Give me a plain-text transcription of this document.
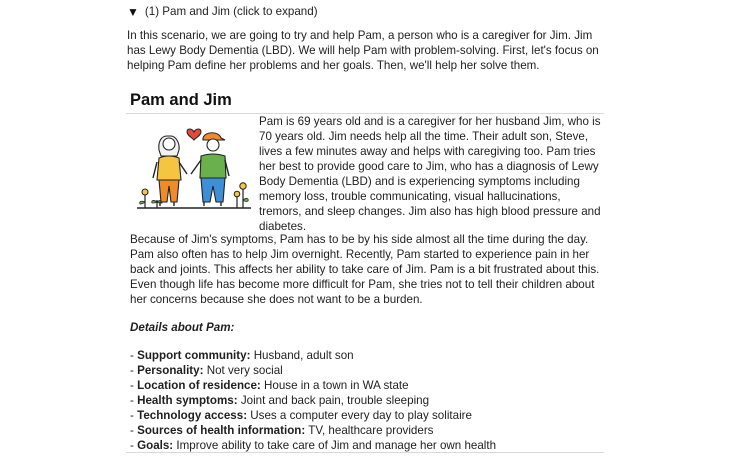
▼ (1) Pam and Jim (click to expand)

In this scenario, we are going to try and help Pam, a person who is a caregiver for Jim. Jim has Lewy Body Dementia (LBD). We will help Pam with problem-solving. First, let's focus on helping Pam define her problems and her goals. Then, we'll help her solve them.

Pam and Jim

Pam is 69 years old and is a caregiver for her husband Jim, who is 70 years old. Jim needs help all the time. Their adult son, Steve, lives a few minutes away and helps with caregiving too. Pam tries her best to provide good care to Jim, who has a diagnosis of Lewy Body Dementia (LBD) and is experiencing symptoms including memory loss, trouble communicating, visual hallucinations, tremors, and sleep changes. Jim also has high blood pressure and diabetes.

Because of Jim's symptoms, Pam has to be by his side almost all the time during the day. Pam also often has to help Jim overnight. Recently, Pam started to experience pain in her back and joints. This affects her ability to take care of Jim. Pam is a bit frustrated about this. Even though life has become more difficult for Pam, she tries not to tell their children about her concerns because she does not want to be a burden.

Details about Pam:

- Support community: Husband, adult son
- Personality: Not very social
- Location of residence: House in a town in WA state
- Health symptoms: Joint and back pain, trouble sleeping
- Technology access: Uses a computer every day to play solitaire
- Sources of health information: TV, healthcare providers
- Goals: Improve ability to take care of Jim and manage her own health
